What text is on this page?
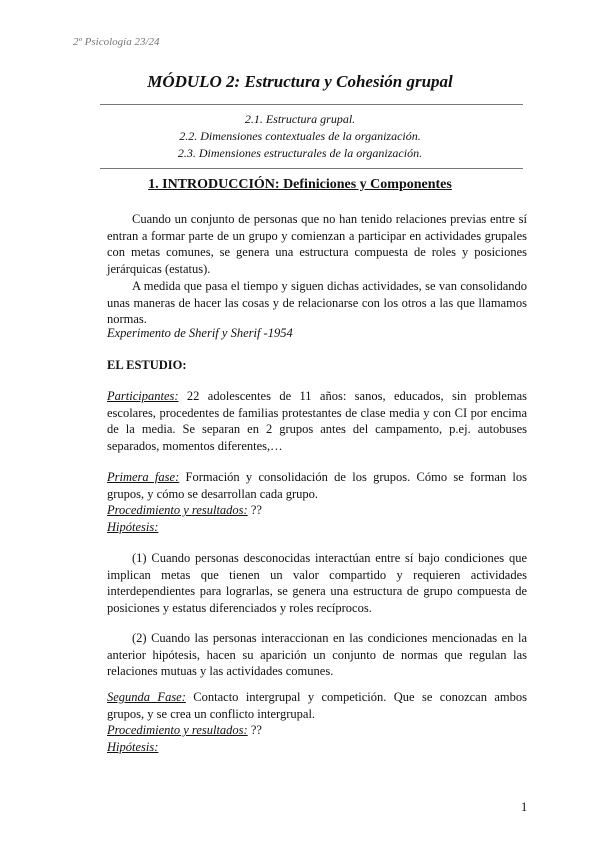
2º Psicología 23/24
MÓDULO 2: Estructura y Cohesión grupal
2.1. Estructura grupal.
2.2. Dimensiones contextuales de la organización.
2.3. Dimensiones estructurales de la organización.
1. INTRODUCCIÓN: Definiciones y Componentes

Cuando un conjunto de personas que no han tenido relaciones previas entre sí entran a formar parte de un grupo y comienzan a participar en actividades grupales con metas comunes, se genera una estructura compuesta de roles y posiciones jerárquicas (estatus).

A medida que pasa el tiempo y siguen dichas actividades, se van consolidando unas maneras de hacer las cosas y de relacionarse con los otros a las que llamamos normas.

Experimento de Sherif y Sherif -1954

EL ESTUDIO:

Participantes: 22 adolescentes de 11 años: sanos, educados, sin problemas escolares, procedentes de familias protestantes de clase media y con CI por encima de la media. Se separan en 2 grupos antes del campamento, p.ej. autobuses separados, momentos diferentes,…

Primera fase: Formación y consolidación de los grupos. Cómo se forman los grupos, y cómo se desarrollan cada grupo.
Procedimiento y resultados: ??
Hipótesis:

(1) Cuando personas desconocidas interactúan entre sí bajo condiciones que implican metas que tienen un valor compartido y requieren actividades interdependientes para lograrlas, se genera una estructura de grupo compuesta de posiciones y estatus diferenciados y roles recíprocos.

(2) Cuando las personas interaccionan en las condiciones mencionadas en la anterior hipótesis, hacen su aparición un conjunto de normas que regulan las relaciones mutuas y las actividades comunes.

Segunda Fase: Contacto intergrupal y competición. Que se conozcan ambos grupos, y se crea un conflicto intergrupal.
Procedimiento y resultados: ??
Hipótesis:
1
